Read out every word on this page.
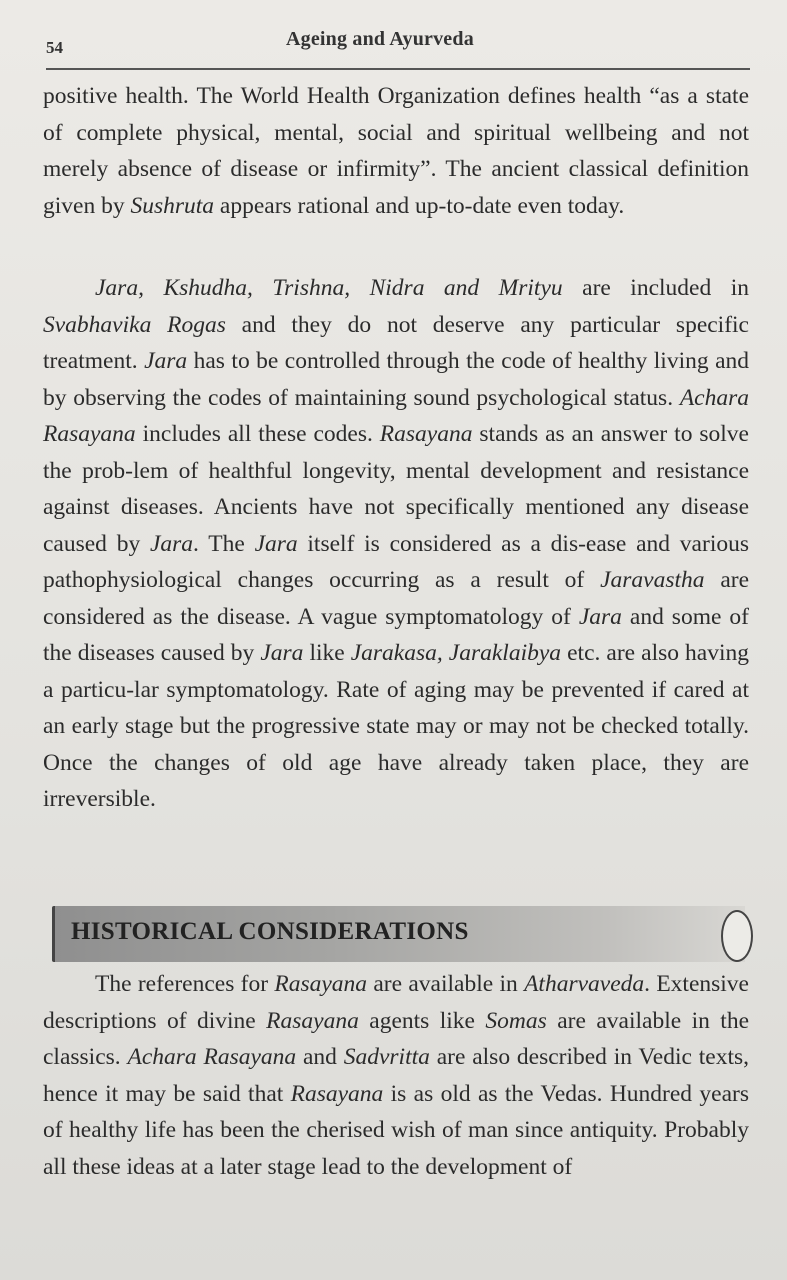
54	Ageing and Ayurveda

positive health. The World Health Organization defines health “as a state of complete physical, mental, social and spiritual wellbeing and not merely absence of disease or infirmity”. The ancient classical definition given by Sushruta appears rational and up-to-date even today.

Jara, Kshudha, Trishna, Nidra and Mrityu are included in Svabhavika Rogas and they do not deserve any particular specific treatment. Jara has to be controlled through the code of healthy living and by observing the codes of maintaining sound psychological status. Achara Rasayana includes all these codes. Rasayana stands as an answer to solve the prob-lem of healthful longevity, mental development and resistance against diseases. Ancients have not specifically mentioned any disease caused by Jara. The Jara itself is considered as a dis-ease and various pathophysiological changes occurring as a result of Jaravastha are considered as the disease. A vague symptomatology of Jara and some of the diseases caused by Jara like Jarakasa, Jaraklaibya etc. are also having a particu-lar symptomatology. Rate of aging may be prevented if cared at an early stage but the progressive state may or may not be checked totally. Once the changes of old age have already taken place, they are irreversible.

HISTORICAL CONSIDERATIONS

The references for Rasayana are available in Atharvaveda. Extensive descriptions of divine Rasayana agents like Somas are available in the classics. Achara Rasayana and Sadvritta are also described in Vedic texts, hence it may be said that Rasayana is as old as the Vedas. Hundred years of healthy life has been the cherised wish of man since antiquity. Probably all these ideas at a later stage lead to the development of
